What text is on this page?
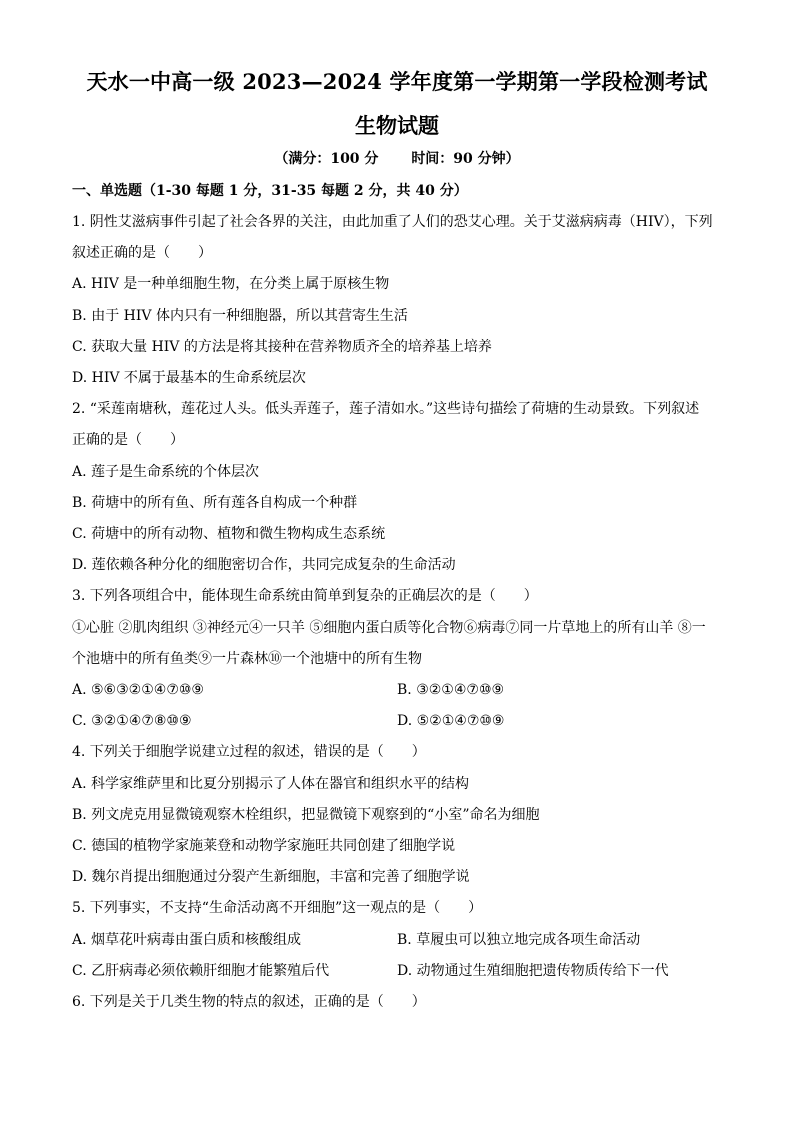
天水一中高一级 2023—2024 学年度第一学期第一学段检测考试
生物试题
（满分：100 分 时间：90 分钟）
一、单选题（1-30 每题 1 分，31-35 每题 2 分，共 40 分）
1. 阴性艾滋病事件引起了社会各界的关注，由此加重了人们的恐艾心理。关于艾滋病病毒（HIV），下列
叙述正确的是（　　）
A. HIV 是一种单细胞生物，在分类上属于原核生物
B. 由于 HIV 体内只有一种细胞器，所以其营寄生生活
C. 获取大量 HIV 的方法是将其接种在营养物质齐全的培养基上培养
D. HIV 不属于最基本的生命系统层次
2. “采莲南塘秋，莲花过人头。低头弄莲子，莲子清如水。”这些诗句描绘了荷塘的生动景致。下列叙述
正确的是（　　）
A. 莲子是生命系统的个体层次
B. 荷塘中的所有鱼、所有莲各自构成一个种群
C. 荷塘中的所有动物、植物和微生物构成生态系统
D. 莲依赖各种分化的细胞密切合作，共同完成复杂的生命活动
3. 下列各项组合中，能体现生命系统由简单到复杂的正确层次的是（　　）
①心脏 ②肌肉组织 ③神经元④一只羊 ⑤细胞内蛋白质等化合物⑥病毒⑦同一片草地上的所有山羊 ⑧一
个池塘中的所有鱼类⑨一片森林⑩一个池塘中的所有生物
A. ⑤⑥③②①④⑦⑩⑨	B. ③②①④⑦⑩⑨
C. ③②①④⑦⑧⑩⑨	D. ⑤②①④⑦⑩⑨
4. 下列关于细胞学说建立过程的叙述，错误的是（　　）
A. 科学家维萨里和比夏分别揭示了人体在器官和组织水平的结构
B. 列文虎克用显微镜观察木栓组织，把显微镜下观察到的“小室”命名为细胞
C. 德国的植物学家施莱登和动物学家施旺共同创建了细胞学说
D. 魏尔肖提出细胞通过分裂产生新细胞，丰富和完善了细胞学说
5. 下列事实，不支持“生命活动离不开细胞”这一观点的是（　　）
A. 烟草花叶病毒由蛋白质和核酸组成	B. 草履虫可以独立地完成各项生命活动
C. 乙肝病毒必须依赖肝细胞才能繁殖后代	D. 动物通过生殖细胞把遗传物质传给下一代
6. 下列是关于几类生物的特点的叙述，正确的是（　　）
